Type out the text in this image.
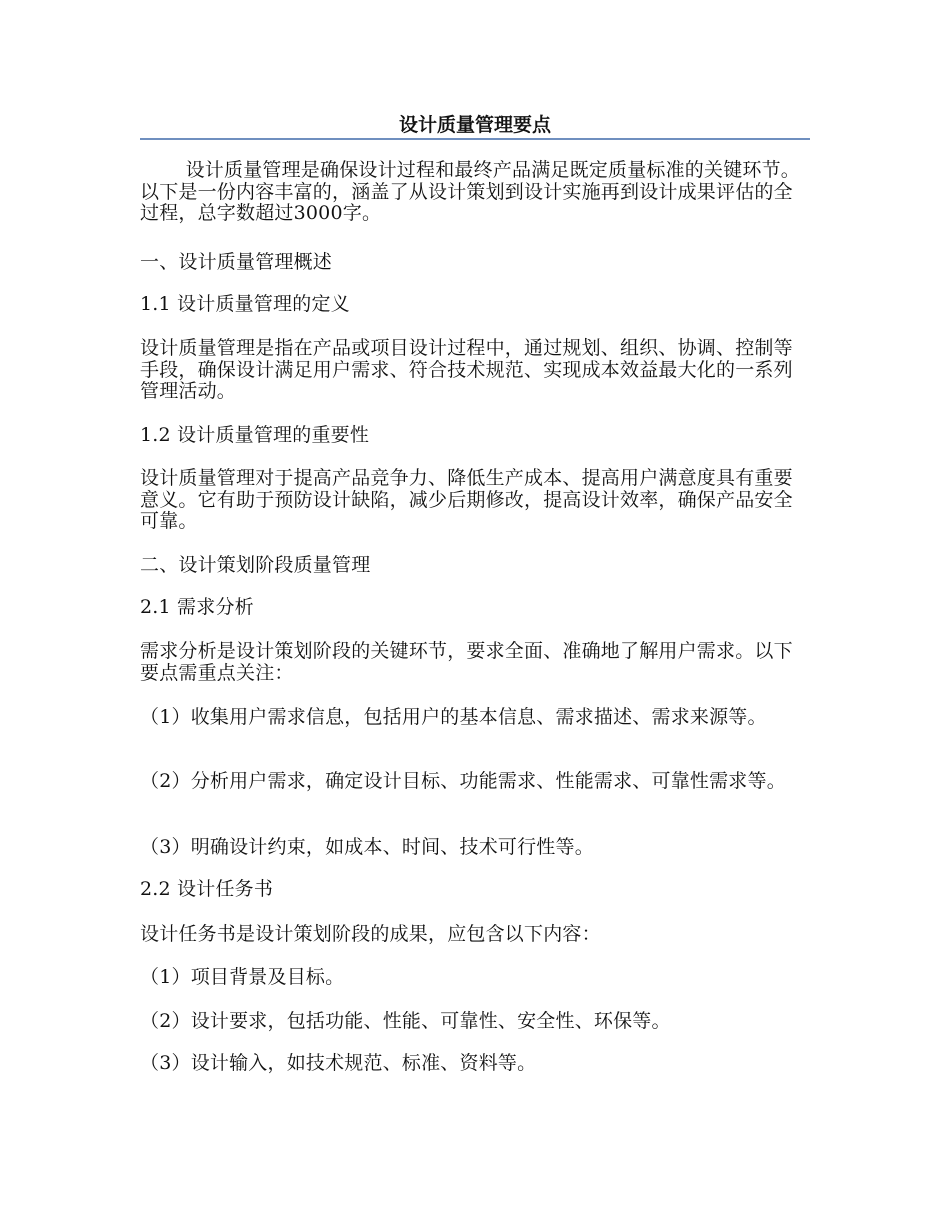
设计质量管理要点

设计质量管理是确保设计过程和最终产品满足既定质量标准的关键环节。以下是一份内容丰富的，涵盖了从设计策划到设计实施再到设计成果评估的全过程，总字数超过3000字。

一、设计质量管理概述

1.1 设计质量管理的定义

设计质量管理是指在产品或项目设计过程中，通过规划、组织、协调、控制等手段，确保设计满足用户需求、符合技术规范、实现成本效益最大化的一系列管理活动。

1.2 设计质量管理的重要性

设计质量管理对于提高产品竞争力、降低生产成本、提高用户满意度具有重要意义。它有助于预防设计缺陷，减少后期修改，提高设计效率，确保产品安全可靠。

二、设计策划阶段质量管理

2.1 需求分析

需求分析是设计策划阶段的关键环节，要求全面、准确地了解用户需求。以下要点需重点关注：

（1）收集用户需求信息，包括用户的基本信息、需求描述、需求来源等。

（2）分析用户需求，确定设计目标、功能需求、性能需求、可靠性需求等。

（3）明确设计约束，如成本、时间、技术可行性等。

2.2 设计任务书

设计任务书是设计策划阶段的成果，应包含以下内容：

（1）项目背景及目标。

（2）设计要求，包括功能、性能、可靠性、安全性、环保等。

（3）设计输入，如技术规范、标准、资料等。
